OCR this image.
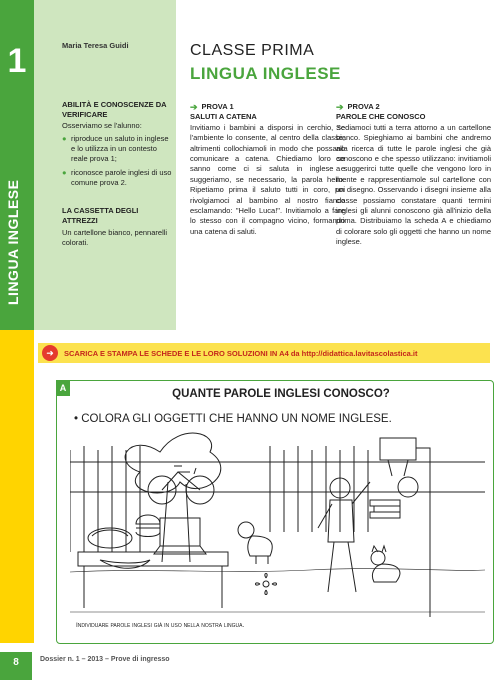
1
LINGUA INGLESE
Maria Teresa Guidi
ABILITÀ E CONOSCENZE DA VERIFICARE
Osserviamo se l'alunno:
● riproduce un saluto in inglese e lo utilizza in un contesto reale prova 1;
● riconosce parole inglesi di uso comune prova 2.
LA CASSETTA DEGLI ATTREZZI
Un cartellone bianco, pennarelli colorati.
CLASSE PRIMA
LINGUA INGLESE
➔ PROVA 1
SALUTI A CATENA

Invitiamo i bambini a disporsi in cerchio, se l'ambiente lo consente, al centro della classe; altrimenti collochiamoli in modo che possano comunicare a catena. Chiediamo loro se sanno come ci si saluta in inglese e suggeriamo, se necessario, la parola hello. Ripetiamo prima il saluto tutti in coro, poi rivolgiamoci al bambino al nostro fianco esclamando: "Hello Luca!". Invitiamolo a fare lo stesso con il compagno vicino, formando una catena di saluti.

➔ PROVA 2
PAROLE CHE CONOSCO

Sediamoci tutti a terra attorno a un cartellone bianco. Spieghiamo ai bambini che andremo alla ricerca di tutte le parole inglesi che già conoscono e che spesso utilizzano: invitiamoli a suggerirci tutte quelle che vengono loro in mente e rappresentiamole sul cartellone con un disegno. Osservando i disegni insieme alla classe possiamo constatare quanti termini inglesi gli alunni conoscono già all'inizio della prima. Distribuiamo la scheda A e chiediamo di colorare solo gli oggetti che hanno un nome inglese.

➜	SCARICA E STAMPA LE SCHEDE E LE LORO SOLUZIONI IN A4 da http://didattica.lavitascolastica.it
A	QUANTE PAROLE INGLESI CONOSCO?
• COLORA GLI OGGETTI CHE HANNO UN NOME INGLESE.
Individuare parole inglesi già in uso nella nostra lingua.
8	Dossier n. 1 – 2013 – Prove di ingresso
